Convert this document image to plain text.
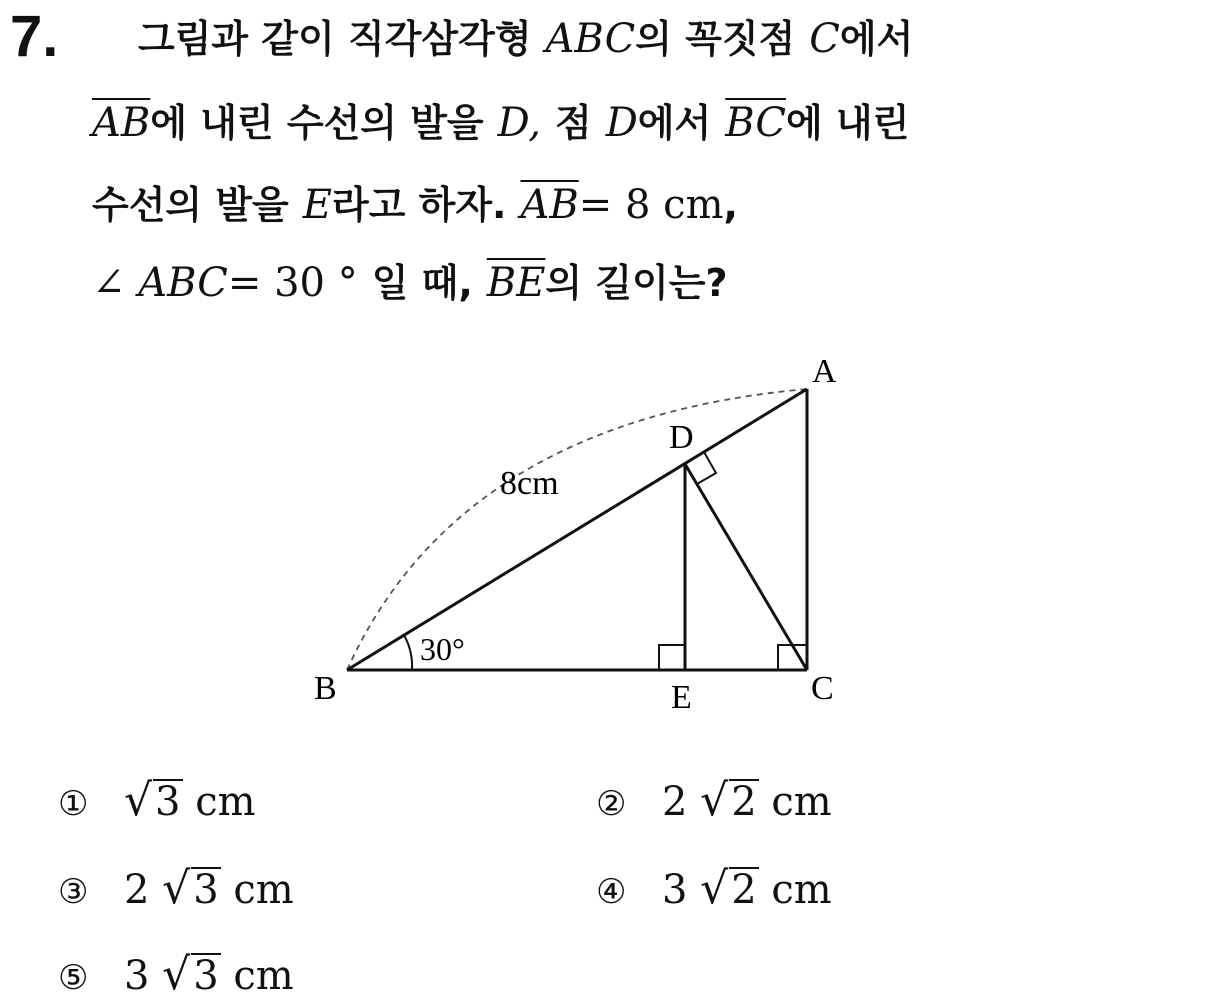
7. 그림과 같이 직각삼각형 ABC의 꼭짓점 C에서
$\overline{AB}$에 내린 수선의 발을 D, 점 D에서 $\overline{BC}$에 내린
수선의 발을 E라고 하자. $\overline{AB}= 8$ cm,
∠ ABC= 30 ° 일 때, $\overline{BE}$의 길이는?
A
B	C
D
E
8cm
30°
① √ 3 cm	② 2 √ 2 cm
③ 2 √ 3 cm	④ 3 √ 2 cm
⑤ 3 √ 3 cm
